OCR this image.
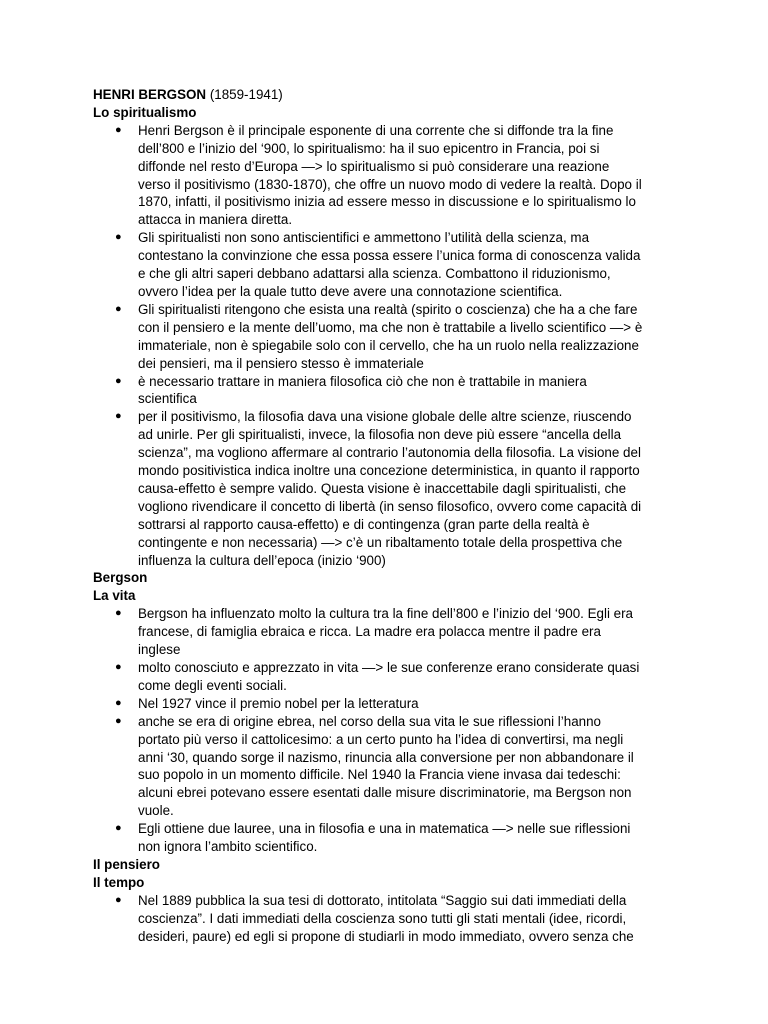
HENRI BERGSON (1859-1941)
Lo spiritualismo
● Henri Bergson è il principale esponente di una corrente che si diffonde tra la fine
dell’800 e l’inizio del ‘900, lo spiritualismo: ha il suo epicentro in Francia, poi si
diffonde nel resto d’Europa —> lo spiritualismo si può considerare una reazione
verso il positivismo (1830-1870), che offre un nuovo modo di vedere la realtà. Dopo il
1870, infatti, il positivismo inizia ad essere messo in discussione e lo spiritualismo lo
attacca in maniera diretta.
● Gli spiritualisti non sono antiscientifici e ammettono l’utilità della scienza, ma
contestano la convinzione che essa possa essere l’unica forma di conoscenza valida
e che gli altri saperi debbano adattarsi alla scienza. Combattono il riduzionismo,
ovvero l’idea per la quale tutto deve avere una connotazione scientifica.
● Gli spiritualisti ritengono che esista una realtà (spirito o coscienza) che ha a che fare
con il pensiero e la mente dell’uomo, ma che non è trattabile a livello scientifico —> è
immateriale, non è spiegabile solo con il cervello, che ha un ruolo nella realizzazione
dei pensieri, ma il pensiero stesso è immateriale
● è necessario trattare in maniera filosofica ciò che non è trattabile in maniera
scientifica
● per il positivismo, la filosofia dava una visione globale delle altre scienze, riuscendo
ad unirle. Per gli spiritualisti, invece, la filosofia non deve più essere “ancella della
scienza”, ma vogliono affermare al contrario l’autonomia della filosofia. La visione del
mondo positivistica indica inoltre una concezione deterministica, in quanto il rapporto
causa-effetto è sempre valido. Questa visione è inaccettabile dagli spiritualisti, che
vogliono rivendicare il concetto di libertà (in senso filosofico, ovvero come capacità di
sottrarsi al rapporto causa-effetto) e di contingenza (gran parte della realtà è
contingente e non necessaria) —> c’è un ribaltamento totale della prospettiva che
influenza la cultura dell’epoca (inizio ‘900)
Bergson
La vita
● Bergson ha influenzato molto la cultura tra la fine dell’800 e l’inizio del ‘900. Egli era
francese, di famiglia ebraica e ricca. La madre era polacca mentre il padre era
inglese
● molto conosciuto e apprezzato in vita —> le sue conferenze erano considerate quasi
come degli eventi sociali.
● Nel 1927 vince il premio nobel per la letteratura
● anche se era di origine ebrea, nel corso della sua vita le sue riflessioni l’hanno
portato più verso il cattolicesimo: a un certo punto ha l’idea di convertirsi, ma negli
anni ‘30, quando sorge il nazismo, rinuncia alla conversione per non abbandonare il
suo popolo in un momento difficile. Nel 1940 la Francia viene invasa dai tedeschi:
alcuni ebrei potevano essere esentati dalle misure discriminatorie, ma Bergson non
vuole.
● Egli ottiene due lauree, una in filosofia e una in matematica —> nelle sue riflessioni
non ignora l’ambito scientifico.
Il pensiero
Il tempo
● Nel 1889 pubblica la sua tesi di dottorato, intitolata “Saggio sui dati immediati della
coscienza”. I dati immediati della coscienza sono tutti gli stati mentali (idee, ricordi,
desideri, paure) ed egli si propone di studiarli in modo immediato, ovvero senza che
